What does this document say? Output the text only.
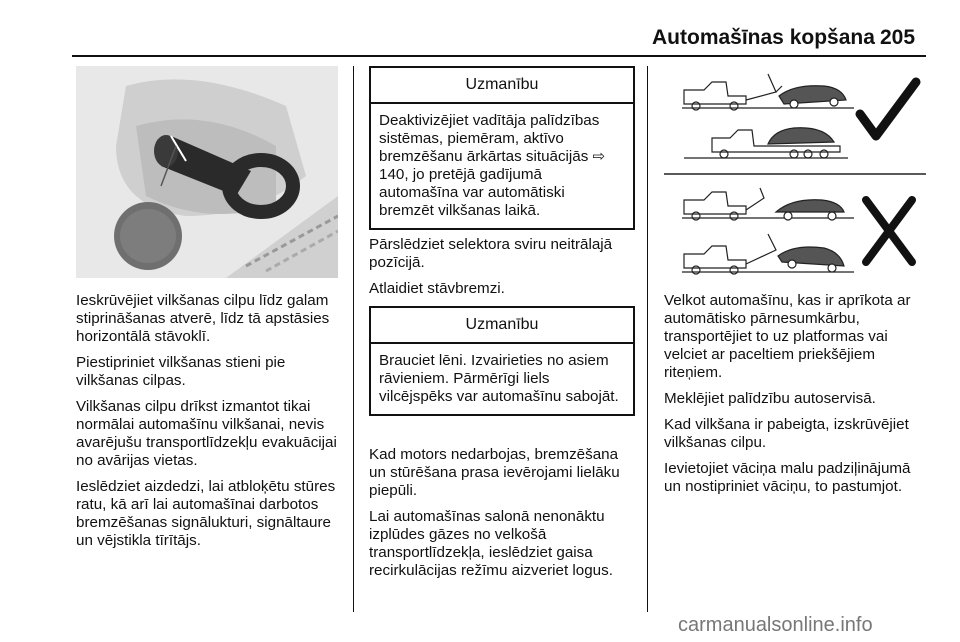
Automašīnas kopšana 205

Ieskrūvējiet vilkšanas cilpu līdz galam stiprināšanas atverē, līdz tā apstāsies horizontālā stāvoklī.

Piestipriniet vilkšanas stieni pie vilkšanas cilpas.

Vilkšanas cilpu drīkst izmantot tikai normālai automašīnu vilkšanai, nevis avarējušu transportlīdzekļu evakuācijai no avārijas vietas.

Ieslēdziet aizdedzi, lai atbloķētu stūres ratu, kā arī lai automašīnai darbotos bremzēšanas signālukturi, signāltaure un vējstikla tīrītājs.

Uzmanību
Deaktivizējiet vadītāja palīdzības sistēmas, piemēram, aktīvo bremzēšanu ārkārtas situācijās ⇨ 140, jo pretējā gadījumā automašīna var automātiski bremzēt vilkšanas laikā.

Pārslēdziet selektora sviru neitrālajā pozīcijā.

Atlaidiet stāvbremzi.

Uzmanību
Brauciet lēni. Izvairieties no asiem rāvieniem. Pārmērīgi liels vilcējspēks var automašīnu sabojāt.

Kad motors nedarbojas, bremzēšana un stūrēšana prasa ievērojami lielāku piepūli.

Lai automašīnas salonā nenonāktu izplūdes gāzes no velkošā transportlīdzekļa, ieslēdziet gaisa recirkulācijas režīmu aizveriet logus.

Velkot automašīnu, kas ir aprīkota ar automātisko pārnesumkārbu, transportējiet to uz platformas vai velciet ar paceltiem priekšējiem riteņiem.

Meklējiet palīdzību autoservisā.

Kad vilkšana ir pabeigta, izskrūvējiet vilkšanas cilpu.

Ievietojiet vāciņa malu padziļinājumā un nostipriniet vāciņu, to pastumjot.

carmanualsonline.info
